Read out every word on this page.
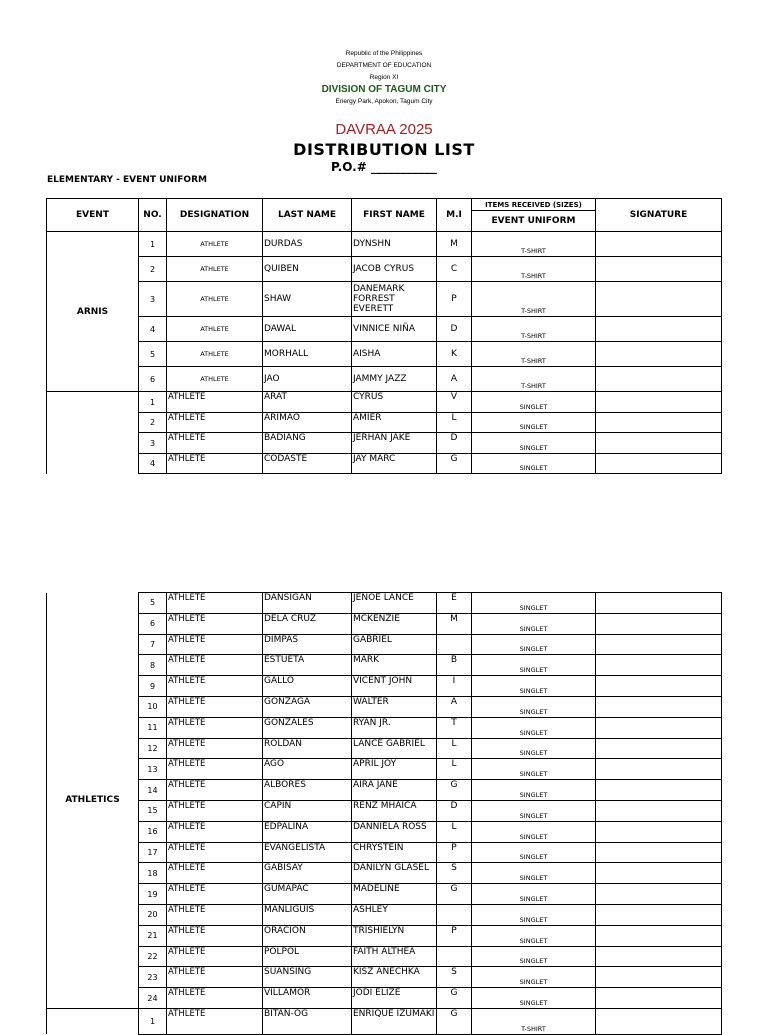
Republic of the Philippines
DEPARTMENT OF EDUCATION
Region XI
DIVISION OF TAGUM CITY
Energy Park, Apokon, Tagum City
DAVRAA 2025
DISTRIBUTION LIST
P.O.# ___________
ELEMENTARY - EVENT UNIFORM
EVENT	NO.	DESIGNATION	LAST NAME	FIRST NAME	M.I	ITEMS RECEIVED (SIZES)	SIGNATURE
						EVENT UNIFORM	
ARNIS	1	ATHLETE	DURDAS	DYNSHN	M	T-SHIRT	
	2	ATHLETE	QUIBEN	JACOB CYRUS	C	T-SHIRT	
	3	ATHLETE	SHAW	DANEMARK FORREST EVERETT	P	T-SHIRT	
	4	ATHLETE	DAWAL	VINNICE NIÑA	D	T-SHIRT	
	5	ATHLETE	MORHALL	AISHA	K	T-SHIRT	
	6	ATHLETE	JAO	JAMMY JAZZ	A	T-SHIRT	
	1	ATHLETE	ARAT	CYRUS	V	SINGLET	
	2	ATHLETE	ARIMAO	AMIER	L	SINGLET	
	3	ATHLETE	BADIANG	JERHAN JAKE	D	SINGLET	
	4	ATHLETE	CODASTE	JAY MARC	G	SINGLET	
ATHLETICS	5	ATHLETE	DANSIGAN	JENOE LANCE	E	SINGLET	
	6	ATHLETE	DELA CRUZ	MCKENZIE	M	SINGLET	
	7	ATHLETE	DIMPAS	GABRIEL		SINGLET	
	8	ATHLETE	ESTUETA	MARK	B	SINGLET	
	9	ATHLETE	GALLO	VICENT JOHN	I	SINGLET	
	10	ATHLETE	GONZAGA	WALTER	A	SINGLET	
	11	ATHLETE	GONZALES	RYAN JR.	T	SINGLET	
	12	ATHLETE	ROLDAN	LANCE GABRIEL	L	SINGLET	
	13	ATHLETE	AGO	APRIL JOY	L	SINGLET	
	14	ATHLETE	ALBORES	AIRA JANE	G	SINGLET	
	15	ATHLETE	CAPIN	RENZ MHAICA	D	SINGLET	
	16	ATHLETE	EDPALINA	DANNIELA ROSS	L	SINGLET	
	17	ATHLETE	EVANGELISTA	CHRYSTEIN	P	SINGLET	
	18	ATHLETE	GABISAY	DANILYN GLASEL	S	SINGLET	
	19	ATHLETE	GUMAPAC	MADELINE	G	SINGLET	
	20	ATHLETE	MANLIGUIS	ASHLEY		SINGLET	
	21	ATHLETE	ORACION	TRISHIELYN	P	SINGLET	
	22	ATHLETE	POLPOL	FAITH ALTHEA		SINGLET	
	23	ATHLETE	SUANSING	KISZ ANECHKA	S	SINGLET	
	24	ATHLETE	VILLAMOR	JODI ELIZE	G	SINGLET	
	1	ATHLETE	BITAN-OG	ENRIQUE IZUMAKI	G	T-SHIRT	
